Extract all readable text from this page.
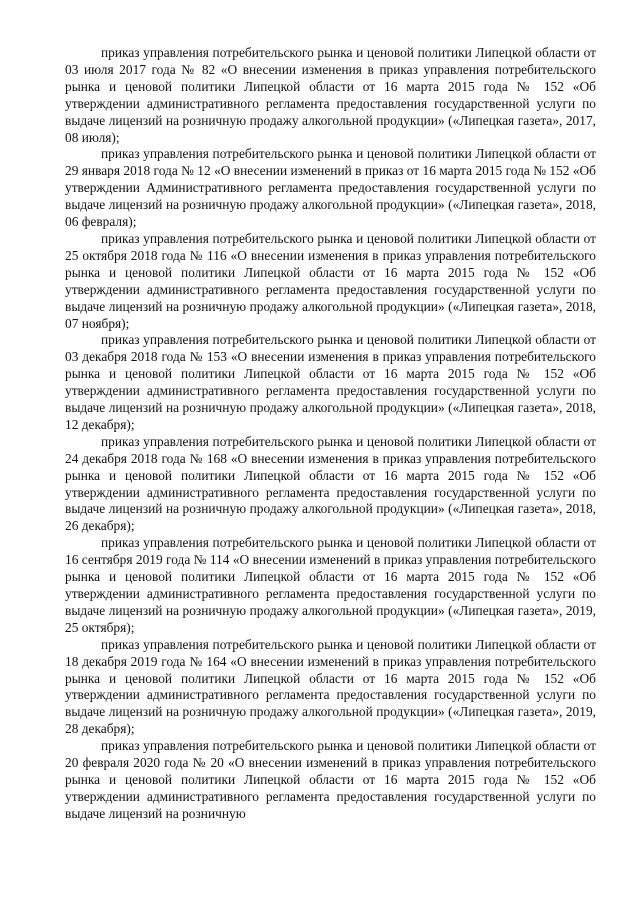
приказ управления потребительского рынка и ценовой политики Липецкой области от 03 июля 2017 года № 82 «О внесении изменения в приказ управления потребительского рынка и ценовой политики Липецкой области от 16 марта 2015 года № 152 «Об утверждении административного регламента предоставления государственной услуги по выдаче лицензий на розничную продажу алкогольной продукции» («Липецкая газета», 2017, 08 июля);

приказ управления потребительского рынка и ценовой политики Липецкой области от 29 января 2018 года № 12 «О внесении изменений в приказ от 16 марта 2015 года № 152 «Об утверждении Административного регламента предоставления государственной услуги по выдаче лицензий на розничную продажу алкогольной продукции» («Липецкая газета», 2018, 06 февраля);

приказ управления потребительского рынка и ценовой политики Липецкой области от 25 октября 2018 года № 116 «О внесении изменения в приказ управления потребительского рынка и ценовой политики Липецкой области от 16 марта 2015 года № 152 «Об утверждении административного регламента предоставления государственной услуги по выдаче лицензий на розничную продажу алкогольной продукции» («Липецкая газета», 2018, 07 ноября);

приказ управления потребительского рынка и ценовой политики Липецкой области от 03 декабря 2018 года № 153 «О внесении изменения в приказ управления потребительского рынка и ценовой политики Липецкой области от 16 марта 2015 года № 152 «Об утверждении административного регламента предоставления государственной услуги по выдаче лицензий на розничную продажу алкогольной продукции» («Липецкая газета», 2018, 12 декабря);

приказ управления потребительского рынка и ценовой политики Липецкой области от 24 декабря 2018 года № 168 «О внесении изменения в приказ управления потребительского рынка и ценовой политики Липецкой области от 16 марта 2015 года № 152 «Об утверждении административного регламента предоставления государственной услуги по выдаче лицензий на розничную продажу алкогольной продукции» («Липецкая газета», 2018, 26 декабря);

приказ управления потребительского рынка и ценовой политики Липецкой области от 16 сентября 2019 года № 114 «О внесении изменений в приказ управления потребительского рынка и ценовой политики Липецкой области от 16 марта 2015 года № 152 «Об утверждении административного регламента предоставления государственной услуги по выдаче лицензий на розничную продажу алкогольной продукции» («Липецкая газета», 2019, 25 октября);

приказ управления потребительского рынка и ценовой политики Липецкой области от 18 декабря 2019 года № 164 «О внесении изменений в приказ управления потребительского рынка и ценовой политики Липецкой области от 16 марта 2015 года № 152 «Об утверждении административного регламента предоставления государственной услуги по выдаче лицензий на розничную продажу алкогольной продукции» («Липецкая газета», 2019, 28 декабря);

приказ управления потребительского рынка и ценовой политики Липецкой области от 20 февраля 2020 года № 20 «О внесении изменений в приказ управления потребительского рынка и ценовой политики Липецкой области от 16 марта 2015 года № 152 «Об утверждении административного регламента предоставления государственной услуги по выдаче лицензий на розничную
